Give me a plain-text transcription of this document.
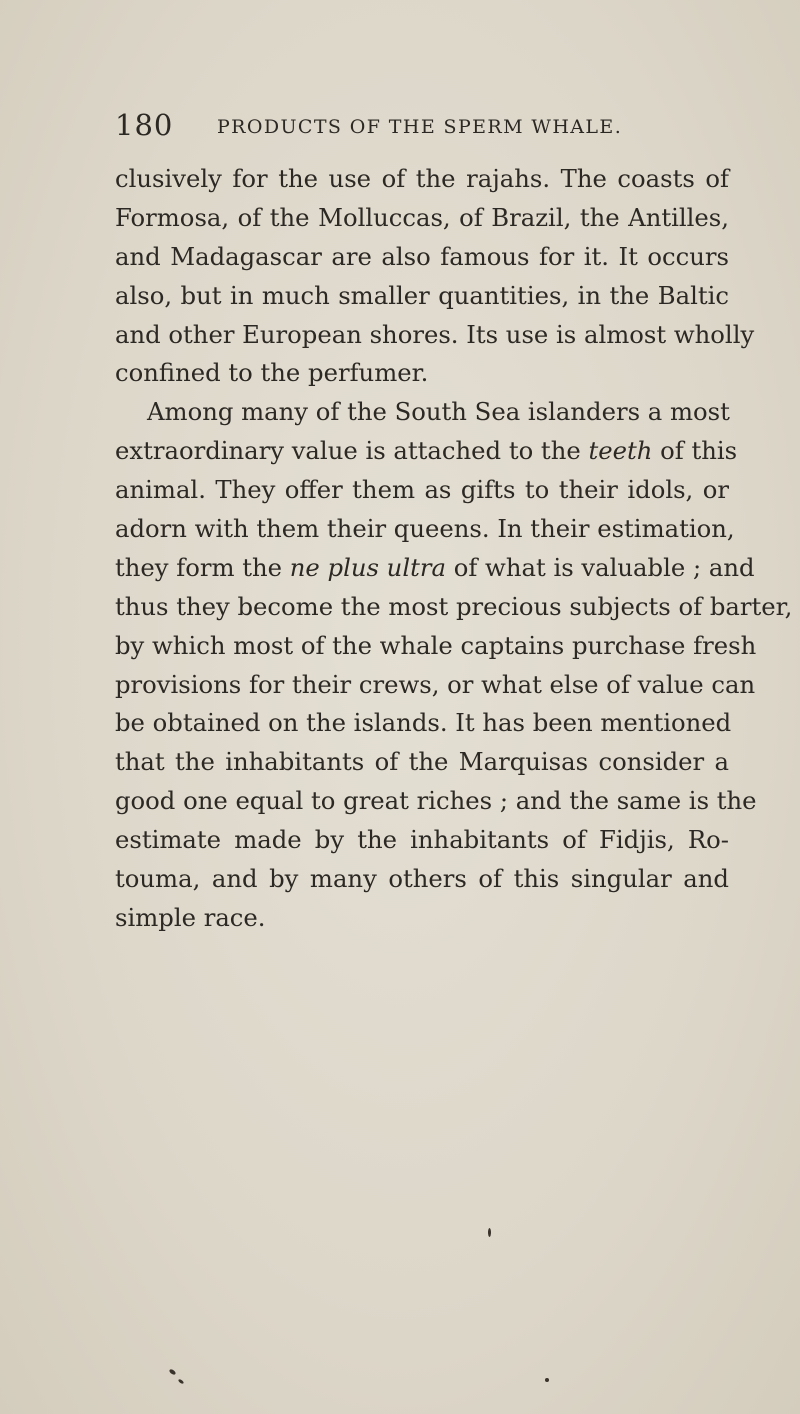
180 PRODUCTS OF THE SPERM WHALE.
clusively for the use of the rajahs. The coasts of
Formosa, of the Molluccas, of Brazil, the Antilles,
and Madagascar are also famous for it. It occurs
also, but in much smaller quantities, in the Baltic
and other European shores. Its use is almost wholly
confined to the perfumer.
Among many of the South Sea islanders a most
extraordinary value is attached to the teeth of this
animal. They offer them as gifts to their idols, or
adorn with them their queens. In their estimation,
they form the ne plus ultra of what is valuable ; and
thus they become the most precious subjects of barter,
by which most of the whale captains purchase fresh
provisions for their crews, or what else of value can
be obtained on the islands. It has been mentioned
that the inhabitants of the Marquisas consider a
good one equal to great riches ; and the same is the
estimate made by the inhabitants of Fidjis, Ro-
touma, and by many others of this singular and
simple race.
